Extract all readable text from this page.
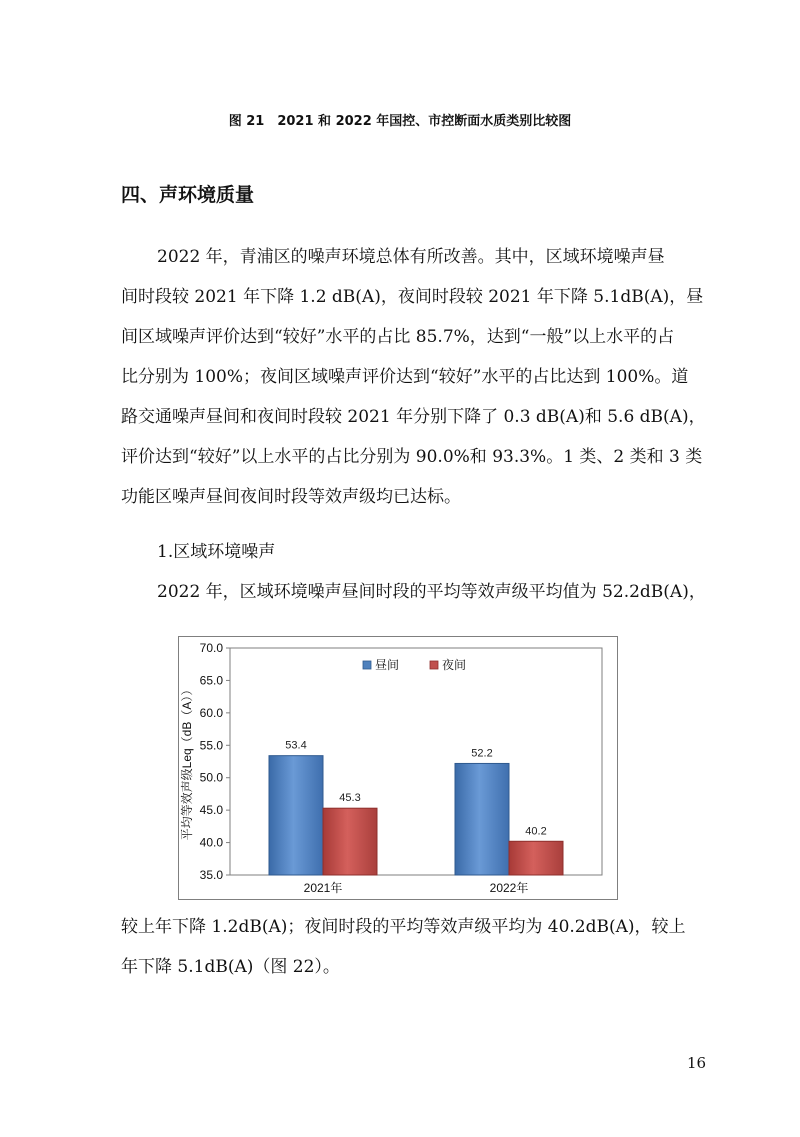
图 21　2021 和 2022 年国控、市控断面水质类别比较图
四、声环境质量
2022 年，青浦区的噪声环境总体有所改善。其中，区域环境噪声昼
间时段较 2021 年下降 1.2 dB(A)，夜间时段较 2021 年下降 5.1dB(A)，昼
间区域噪声评价达到“较好”水平的占比 85.7%，达到“一般”以上水平的占
比分别为 100%；夜间区域噪声评价达到“较好”水平的占比达到 100%。道
路交通噪声昼间和夜间时段较 2021 年分别下降了 0.3 dB(A)和 5.6 dB(A)，
评价达到“较好”以上水平的占比分别为 90.0%和 93.3%。1 类、2 类和 3 类
功能区噪声昼间夜间时段等效声级均已达标。
1.区域环境噪声
2022 年，区域环境噪声昼间时段的平均等效声级平均值为 52.2dB(A)，
70.0
65.0
60.0
55.0
50.0
45.0
40.0
35.0
53.4
45.3
52.2
40.2
2021年	2022年
昼间	夜间
平均等效声级Leq（dB（A））
较上年下降 1.2dB(A)；夜间时段的平均等效声级平均为 40.2dB(A)，较上
年下降 5.1dB(A)（图 22）。
16
